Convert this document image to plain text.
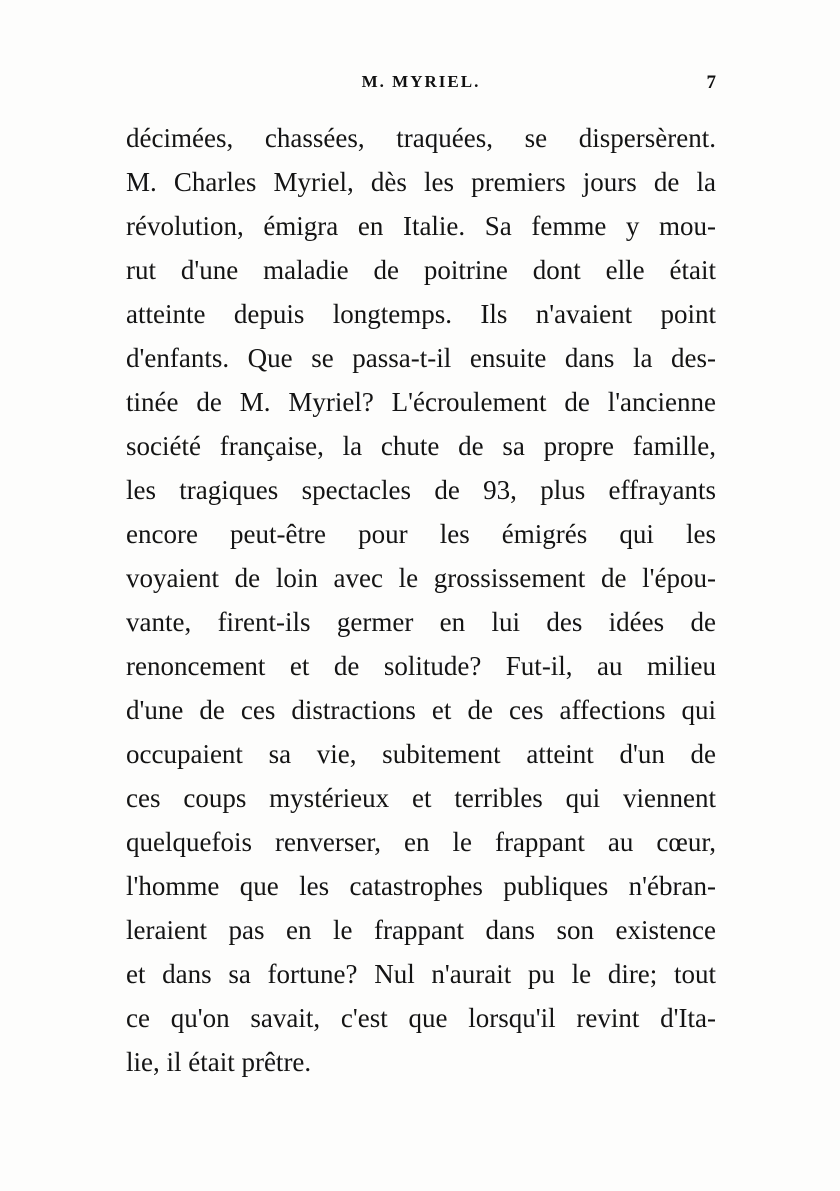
M. MYRIEL.	7
décimées, chassées, traquées, se dispersèrent.
M. Charles Myriel, dès les premiers jours de la
révolution, émigra en Italie. Sa femme y mou-
rut d'une maladie de poitrine dont elle était
atteinte depuis longtemps. Ils n'avaient point
d'enfants. Que se passa-t-il ensuite dans la des-
tinée de M. Myriel? L'écroulement de l'ancienne
société française, la chute de sa propre famille,
les tragiques spectacles de 93, plus effrayants
encore peut-être pour les émigrés qui les
voyaient de loin avec le grossissement de l'épou-
vante, firent-ils germer en lui des idées de
renoncement et de solitude? Fut-il, au milieu
d'une de ces distractions et de ces affections qui
occupaient sa vie, subitement atteint d'un de
ces coups mystérieux et terribles qui viennent
quelquefois renverser, en le frappant au cœur,
l'homme que les catastrophes publiques n'ébran-
leraient pas en le frappant dans son existence
et dans sa fortune? Nul n'aurait pu le dire; tout
ce qu'on savait, c'est que lorsqu'il revint d'Ita-
lie, il était prêtre.
